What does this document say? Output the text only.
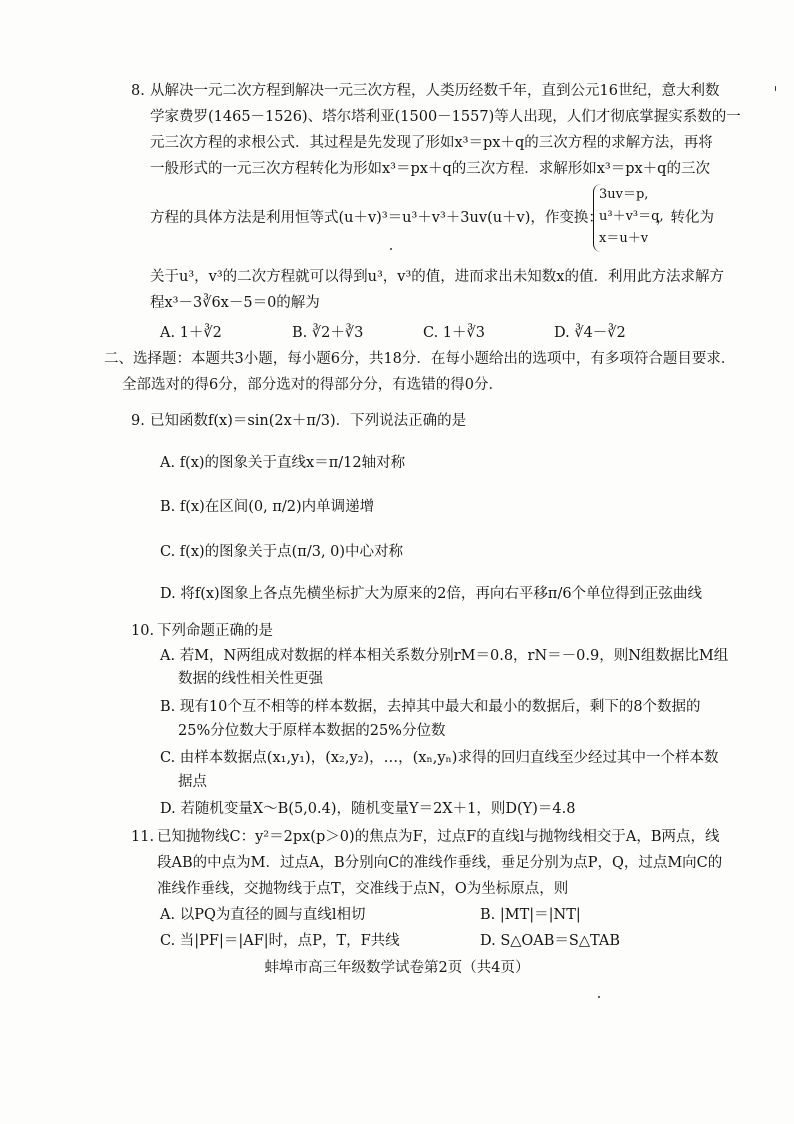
8. 从解决一元二次方程到解决一元三次方程，人类历经数千年，直到公元16世纪，意大利数
学家费罗(1465－1526)、塔尔塔利亚(1500－1557)等人出现，人们才彻底掌握实系数的一
元三次方程的求根公式．其过程是先发现了形如x³＝px＋q的三次方程的求解方法，再将
一般形式的一元三次方程转化为形如x³＝px＋q的三次方程．求解形如x³＝px＋q的三次
方程的具体方法是利用恒等式(u＋v)³＝u³＋v³＋3uv(u＋v)，作变换：
3uv＝p,
u³＋v³＝q,
x＝u＋v
，转化为
关于u³，v³的二次方程就可以得到u³，v³的值，进而求出未知数x的值．利用此方法求解方
程x³－3∛6x－5＝0的解为
A. 1＋∛2	B. ∛2＋∛3	C. 1＋∛3	D. ∛4－∛2
二、选择题：本题共3小题，每小题6分，共18分．在每小题给出的选项中，有多项符合题目要求．
全部选对的得6分，部分选对的得部分分，有选错的得0分．
9. 已知函数f(x)＝sin(2x＋π/3)．下列说法正确的是
A. f(x)的图象关于直线x＝π/12轴对称
B. f(x)在区间(0, π/2)内单调递增
C. f(x)的图象关于点(π/3, 0)中心对称
D. 将f(x)图象上各点先横坐标扩大为原来的2倍，再向右平移π/6个单位得到正弦曲线
10. 下列命题正确的是
A. 若M，N两组成对数据的样本相关系数分别rM＝0.8，rN＝－0.9，则N组数据比M组
数据的线性相关性更强
B. 现有10个互不相等的样本数据，去掉其中最大和最小的数据后，剩下的8个数据的
25%分位数大于原样本数据的25%分位数
C. 由样本数据点(x₁,y₁)，(x₂,y₂)，…，(xₙ,yₙ)求得的回归直线至少经过其中一个样本数
据点
D. 若随机变量X～B(5,0.4)，随机变量Y＝2X＋1，则D(Y)＝4.8
11. 已知抛物线C：y²＝2px(p＞0)的焦点为F，过点F的直线l与抛物线相交于A，B两点，线
段AB的中点为M．过点A，B分别向C的准线作垂线，垂足分别为点P，Q，过点M向C的
准线作垂线，交抛物线于点T，交准线于点N，O为坐标原点，则
A. 以PQ为直径的圆与直线l相切	B. |MT|＝|NT|
C. 当|PF|＝|AF|时，点P，T，F共线	D. S△OAB＝S△TAB
蚌埠市高三年级数学试卷第2页（共4页）
